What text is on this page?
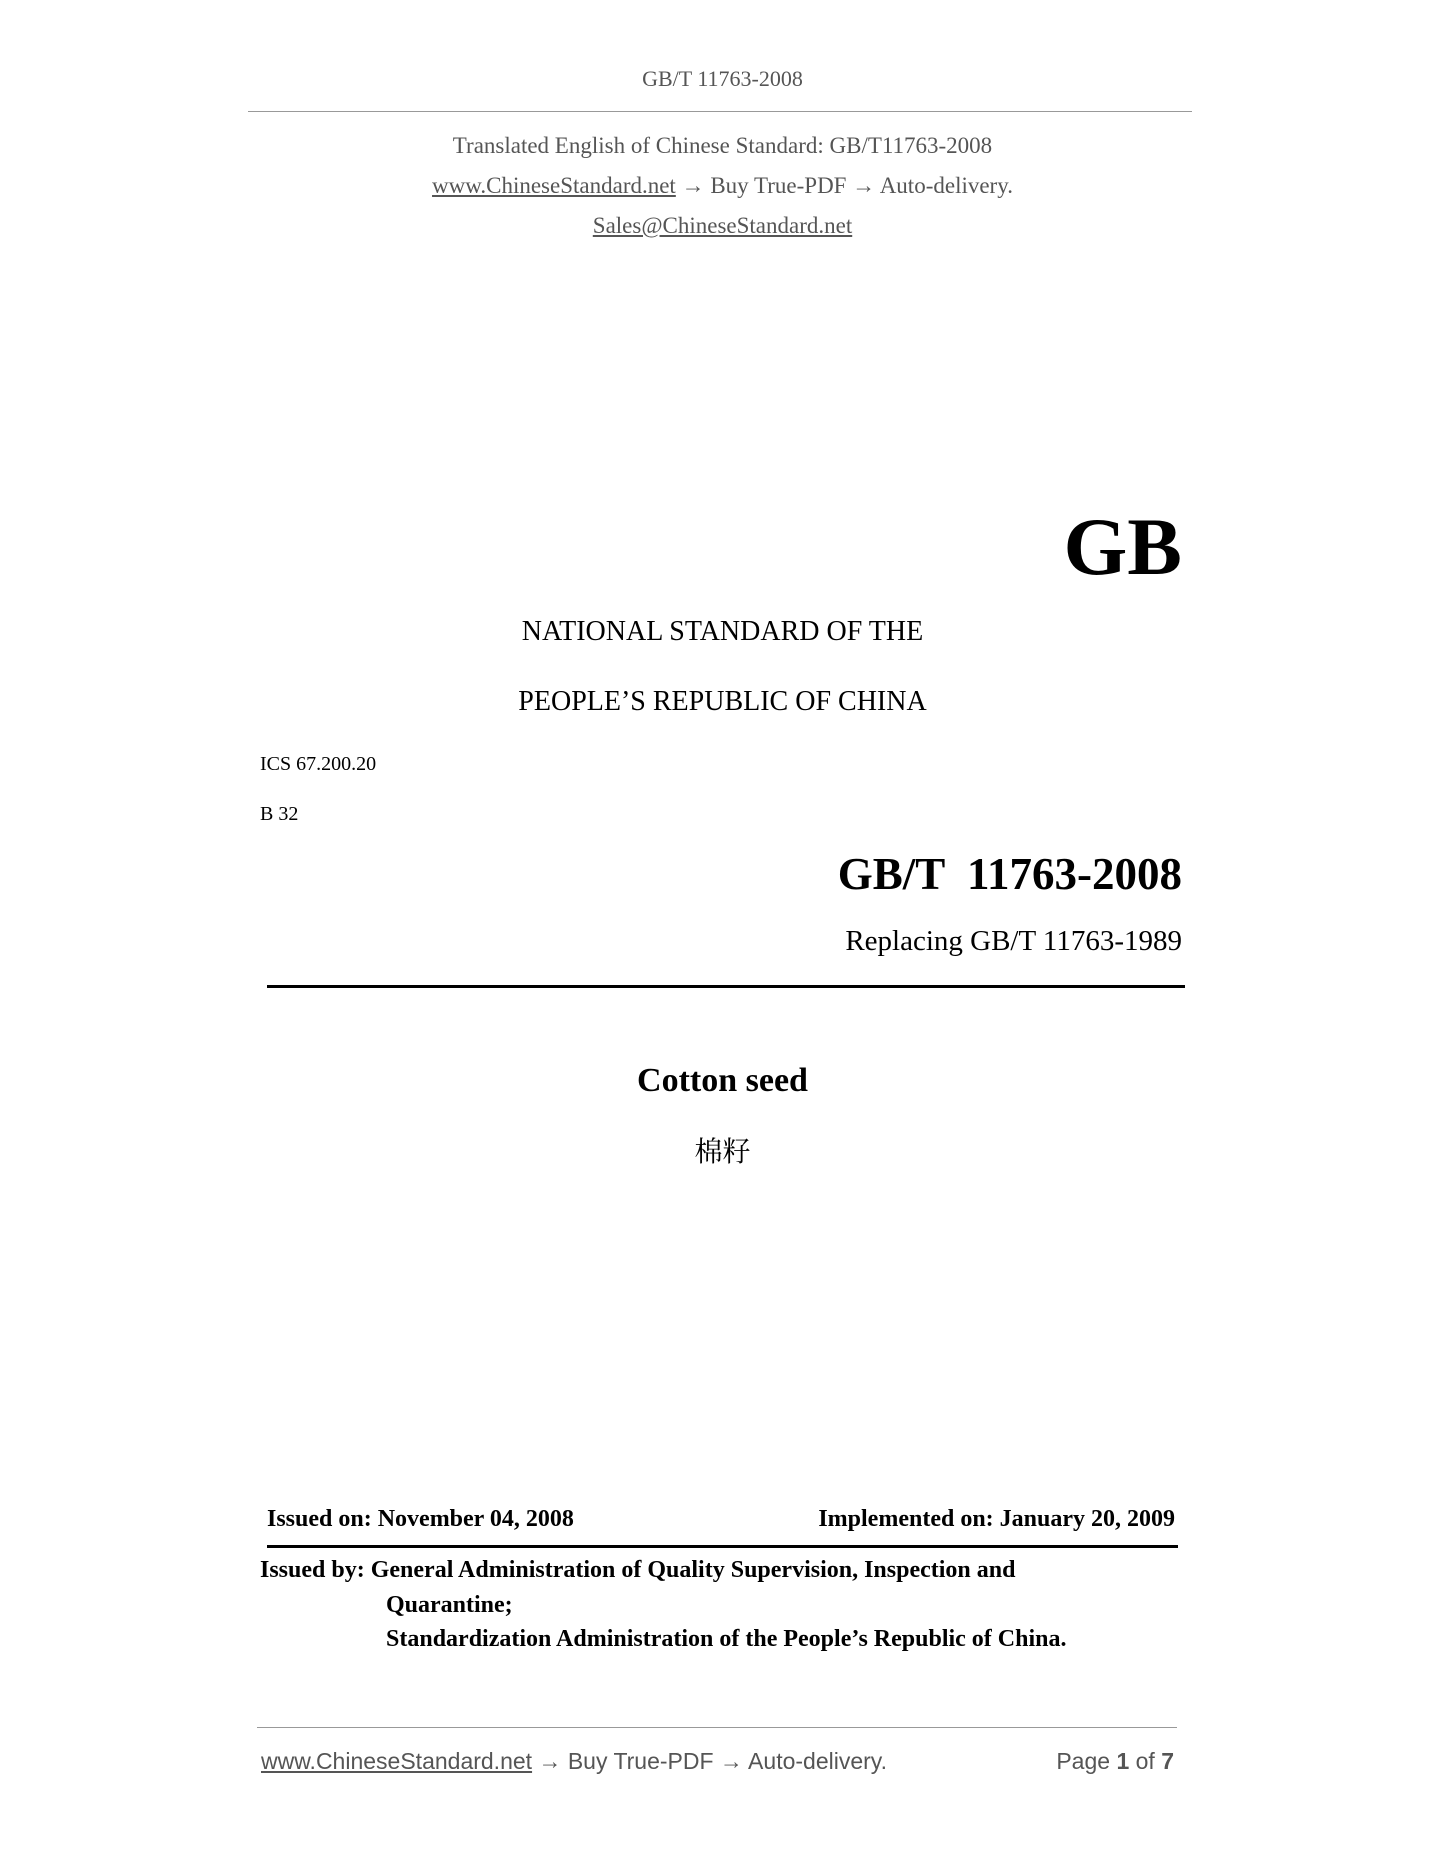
GB/T 11763-2008
Translated English of Chinese Standard: GB/T11763-2008
www.ChineseStandard.net → Buy True-PDF → Auto-delivery.
Sales@ChineseStandard.net
GB
NATIONAL STANDARD OF THE
PEOPLE’S REPUBLIC OF CHINA
ICS 67.200.20
B 32
GB/T  11763-2008
Replacing GB/T 11763-1989
Cotton seed
棉籽
Issued on: November 04, 2008	Implemented on: January 20, 2009
Issued by: General Administration of Quality Supervision, Inspection and
Quarantine;
Standardization Administration of the People’s Republic of China.
www.ChineseStandard.net → Buy True-PDF → Auto-delivery.	Page 1 of 7
